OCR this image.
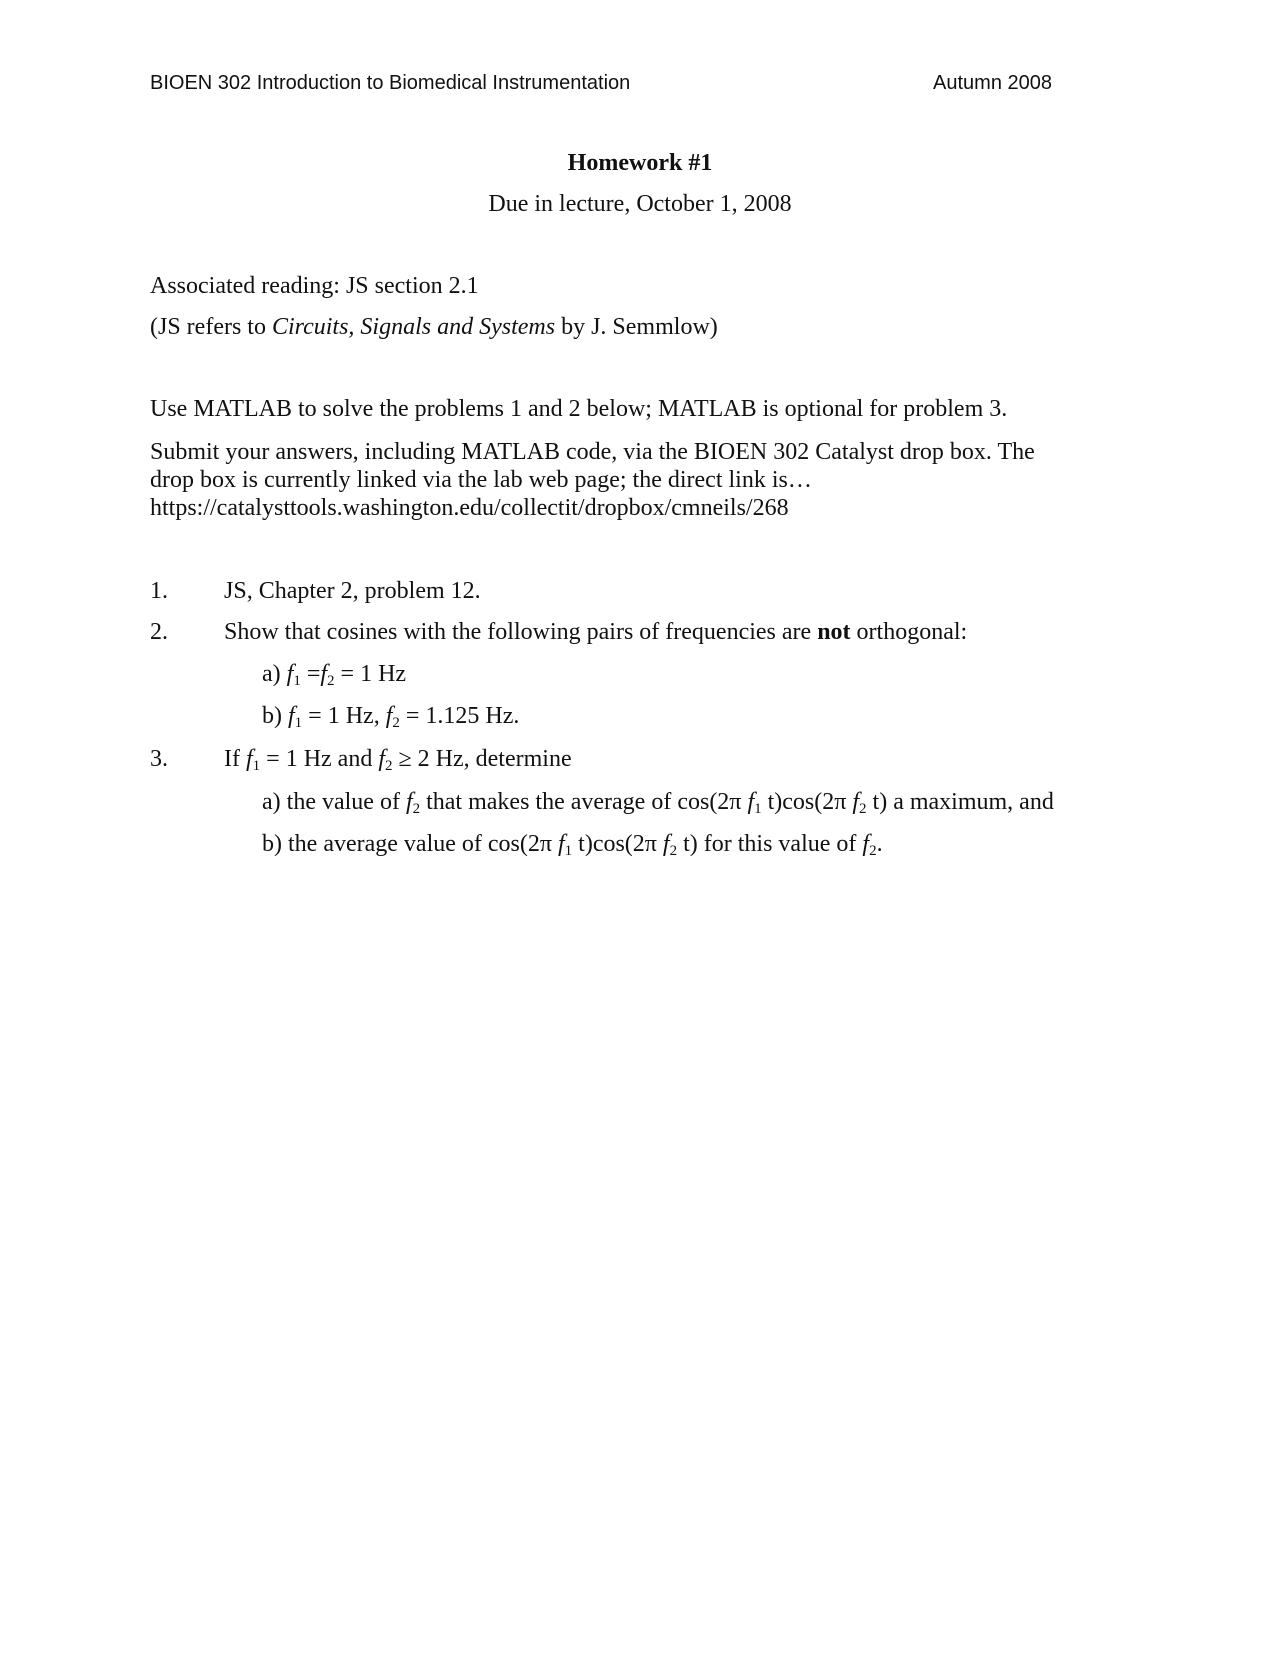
BIOEN 302 Introduction to Biomedical Instrumentation	Autumn 2008
Homework #1
Due in lecture, October 1, 2008
Associated reading: JS section 2.1
(JS refers to Circuits, Signals and Systems by J. Semmlow)
Use MATLAB to solve the problems 1 and 2 below; MATLAB is optional for problem 3.
Submit your answers, including MATLAB code, via the BIOEN 302 Catalyst drop box. The
drop box is currently linked via the lab web page; the direct link is…
https://catalysttools.washington.edu/collectit/dropbox/cmneils/268
1. JS, Chapter 2, problem 12.
2. Show that cosines with the following pairs of frequencies are not orthogonal:
a) $f_1 =f_2 = 1$ Hz
b) $f_1 = 1$ Hz, $f_2 = 1.125$ Hz.
3. If $f_1 = 1$ Hz and $f_2 \ge 2$ Hz, determine
a) the value of $f_2$ that makes the average of cos(2π $f_1$ t)cos(2π $f_2$ t) a maximum, and
b) the average value of cos(2π $f_1$ t)cos(2π $f_2$ t) for this value of $f_2$.
